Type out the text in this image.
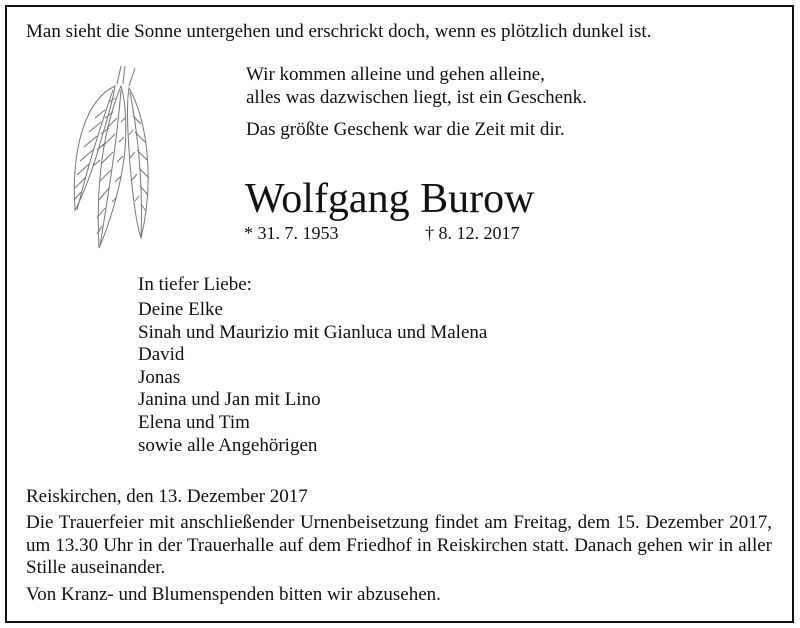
Man sieht die Sonne untergehen und erschrickt doch, wenn es plötzlich dunkel ist.

Wir kommen alleine und gehen alleine,
alles was dazwischen liegt, ist ein Geschenk.

Das größte Geschenk war die Zeit mit dir.

Wolfgang Burow

* 31. 7. 1953	† 8. 12. 2017

In tiefer Liebe:

Deine Elke
Sinah und Maurizio mit Gianluca und Malena
David
Jonas
Janina und Jan mit Lino
Elena und Tim
sowie alle Angehörigen

Reiskirchen, den 13. Dezember 2017

Die Trauerfeier mit anschließender Urnenbeisetzung findet am Freitag, dem 15. Dezember 2017, um 13.30 Uhr in der Trauerhalle auf dem Friedhof in Reiskirchen statt. Danach gehen wir in aller Stille auseinander.

Von Kranz- und Blumenspenden bitten wir abzusehen.
